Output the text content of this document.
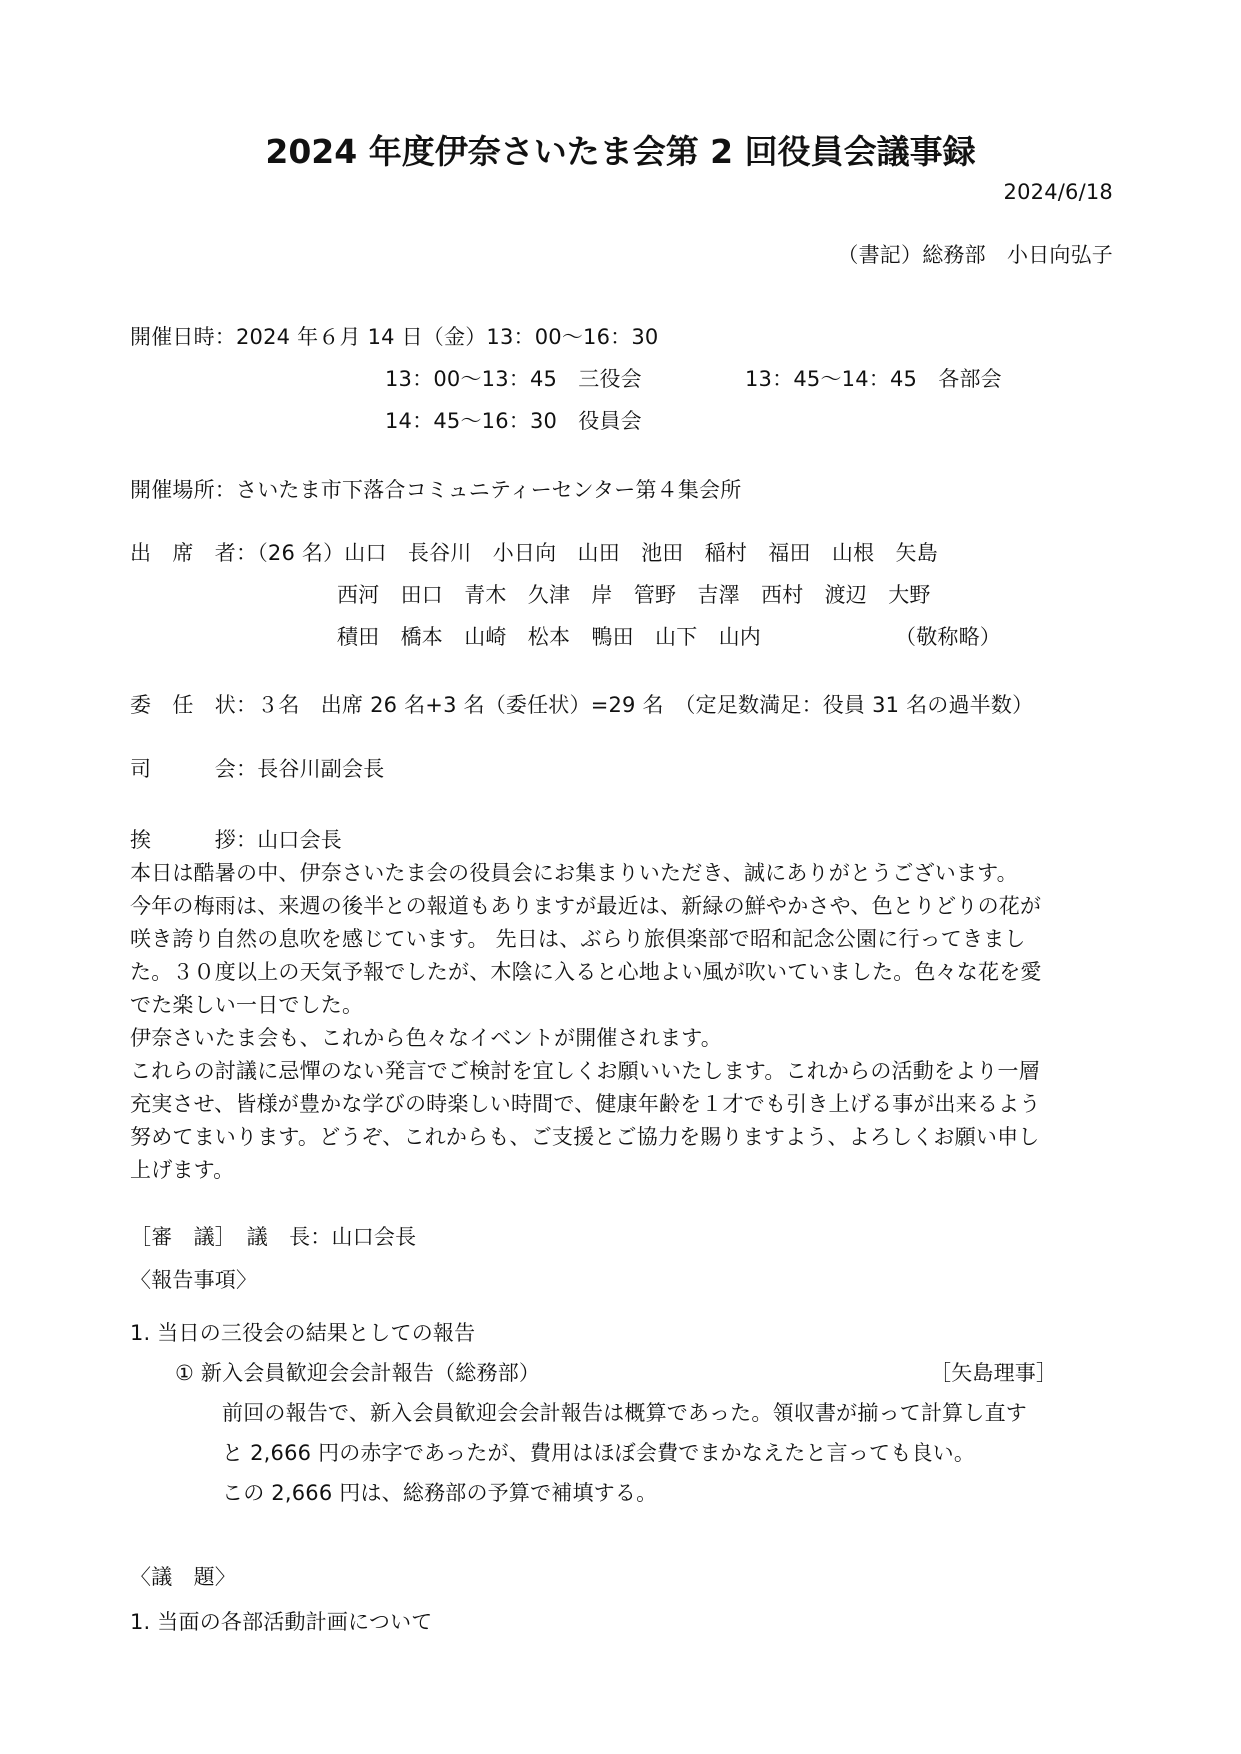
2024 年度伊奈さいたま会第 2 回役員会議事録
2024/6/18
（書記）総務部　小日向弘子
開催日時：2024 年６月 14 日（金）13：00～16：30
13：00～13：45　三役会	13：45～14：45　各部会
14：45～16：30　役員会
開催場所：さいたま市下落合コミュニティーセンター第４集会所
出　席　者：（26 名）山口　長谷川　小日向　山田　池田　稲村　福田　山根　矢島
西河　田口　青木　久津　岸　管野　吉澤　西村　渡辺　大野
積田　橋本　山崎　松本　鴨田　山下　山内	（敬称略）
委　任　状：３名　出席 26 名+3 名（委任状）=29 名　（定足数満足：役員 31 名の過半数）
司　　　会：長谷川副会長
挨　　　拶：山口会長
本日は酷暑の中、伊奈さいたま会の役員会にお集まりいただき、誠にありがとうございます。
今年の梅雨は、来週の後半との報道もありますが最近は、新緑の鮮やかさや、色とりどりの花が
咲き誇り自然の息吹を感じています。 先日は、ぶらり旅倶楽部で昭和記念公園に行ってきまし
た。３０度以上の天気予報でしたが、木陰に入ると心地よい風が吹いていました。色々な花を愛
でた楽しい一日でした。
伊奈さいたま会も、これから色々なイベントが開催されます。
これらの討議に忌憚のない発言でご検討を宜しくお願いいたします。これからの活動をより一層
充実させ、皆様が豊かな学びの時楽しい時間で、健康年齢を１才でも引き上げる事が出来るよう
努めてまいります。どうぞ、これからも、ご支援とご協力を賜りますよう、よろしくお願い申し
上げます。
［審　議］　議　長：山口会長
〈報告事項〉
1. 当日の三役会の結果としての報告
① 新入会員歓迎会会計報告（総務部）	［矢島理事］
前回の報告で、新入会員歓迎会会計報告は概算であった。領収書が揃って計算し直す
と 2,666 円の赤字であったが、費用はほぼ会費でまかなえたと言っても良い。
この 2,666 円は、総務部の予算で補填する。
〈議　題〉
1. 当面の各部活動計画について
